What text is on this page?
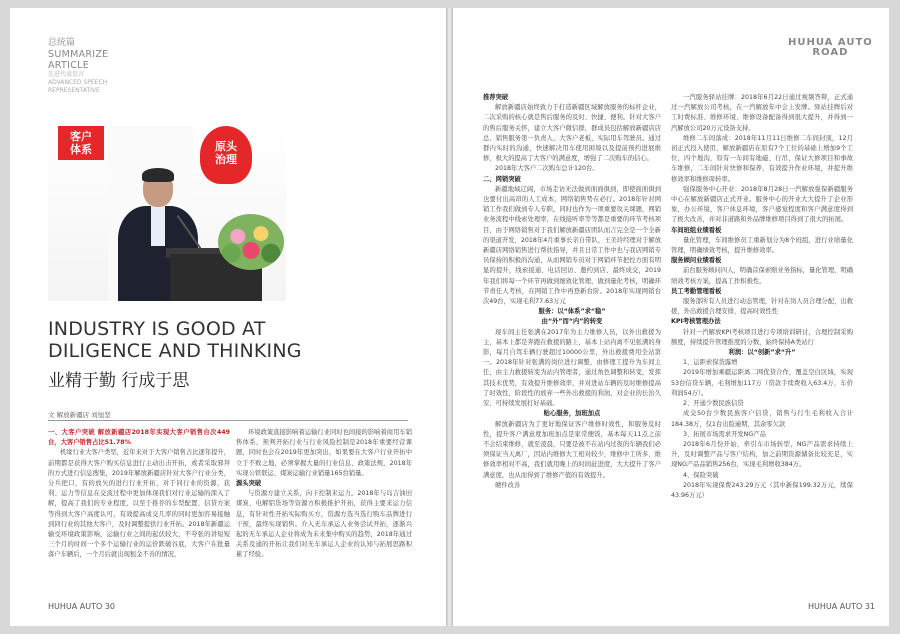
总统篇
SUMMARIZE
ARTICLE
先进代表发言
ADVANCED SPEECH
REPRESENTATIVE
客户
体系	原头
治理
INDUSTRY IS GOOD AT
DILIGENCE AND THINKING
业精于勤 行成于思
文 解放新疆店 刘旭坚

一、大客户突破 解放新疆店2018年实现大客户销售台次449台，大客户销售占比51.78%

机缘行业大客户类型，近年来对于大客户销售占比逐年提升，前期都是获得大客户购买信息进行主动出击开拓，或者采取邪拜的方式进行信息搜集，2019年解放新疆店针对大客户行业分类，分兵把口，有的放矢的进行行业开拓，对于同行业的资源、获利、运力等信息在交流过程中更加体现我们对行业运输的深入了解，提高了我们的专业程度，以至于推荐的车型配置、信贷方案等得到大客户高度认可，有效提高成交几率的同时更加容易接触到同行业的其他大客户，及时调整提供行业开拓。2018年新疆运输受环境政策影响，运输行业之间的起伏较大，不夸张的讲短短三个月的时间一个多个运输行业的运价跌破谷底，大客户在批量落户车辆后，一个月后就出现租金不善的情况，

环境政策直接影响着运输行业同时也间接的影响着商用车销售体系，预判开拓行业与行业风险控制是2018年重要经营课题，同时也会在2019年更加突出，如果要在大客户行业开拓中立于不败之地，必须掌握大量的行业信息、政策法规，2018年实现公铁联运、煤炭运输行业销量165台销量。

源头突破

与资源方建立关系，向下控制来运力。2018年与岛吉油田煤炭、电解铝货场等资源方积极推护开拓，获得主要来运力信息，有针对性开拓实际购买方，资源方选当选行购车品牌进行干预，最终实现销售。介入无车承运人业务尝试开拓，逐渐兴起的无车承运人企业将成为未来集中购买的趋势，2018年通过关系及通的开拓让我们对无车承运人企业的认知与拓展思路积累了经验。

HUHUA AUTO 30
HUHUA AUTO
ROAD

推荐突破

解放新疆店始终致力于打造新疆区域解放服务的标杆企业，二次采购的核心就是售后服务的及时、快捷、便利。针对大客户的售后服务关怀，建立大客户微信群，群成员包括解放新疆店店总、销售服务第一负责人、大客户老板、实际用车驾驶员。通过群内实时的沟通，快速解决用车使用困境以及提前预约进展维修，极大的提高了大客户的满意度，增强了二次购车的信心。

2018年大客户二次购车总计120台。

二、网销突破

新疆地域辽阔，市场走访无法做到面面俱到，即使面面俱到也要付出高昂的人工成本，网络销售势在必行。2018年针对网销工作我们做到专人专职，同时也作为一项重要攻关课题，网销业务流程中线索处理率，在线接听率等等都是重要的环节考核项目，由于网络销售对于我们解放新疆店团队而言完全是一个全新的渠道开发，2018年4月重事长亲自带队，王美玲经理对于解放新疆店网络销售进行帮扶指导，并且日常工作中也与我店网销专员保持的积极的沟通，从而网销专员对于网销环节把控方面有明显的提升，线索接通、电话回访、邀约到店、最终成交，2019年我们将每一个环节再做到细致化管理，做到量化考核，明确环节责任人考核，在网销工作中再登新台阶。2018年实现网销台次49台，实现毛利77.63万元

服务：以“体系”求“稳”

由“外”而“内”的转变

现车间主任张满在2017年为主力维修人员，以外出救援为主，基本上都是奔跑在救援的路上，基本上站内离不见张满的身影，每月自驾车辆行驶超过10000公里，外出救援费用全站第一。2018年针对张满的岗位进行调整，由修理工提升为车间主任，由主力救援转变为站内管理者，通过角色调整和转变，发挥其技术优势，有效提升维修效率，并对进站车辆的及时维修提高了时效性，阶段性的放弃一些外出救援的利润，对企业的长治久安、可持续发展打好基础。

贴心服务，加班加点

解放新疆店为了更好地保证客户维修时效性，和服务及时性，提升客户满意度加班加点是家常便饭，基本每天11点之前不会结束维修，就至凌晨，只要是被不在站内过夜的车辆我们必须保证当天离厂，因站内维修大工相对较少，维修中工所多，维修效率相对不高，我们就用晚上的时间赶进度，大大提升了客户满意度，也从而得到了维修产值的有效提升。

硬件改善

一汽服务驿站挂牌：2018年6月22日通过视频答辩，正式通过一汽解放公司考核，在一汽解放年中会上发牌。驿站挂牌后对工时费标准、维修环境、维修设备配备得到很大提升，并得到一汽解放公司20万元设备支持。

维修二车间落成：2018年11月11日维修二车间封顶，12月初正式投入使用，解放新疆店在原有7个工位的基础上增加9个工位，四个地沟，原有一车间有地磁、行吊，保证大修项目和事故车维修，二车间针对快修和保养，有效提升作业环境，并提升维修效率和维修周转率。

强保服务中心开业：2018年8月28日一汽解放强保新疆服务中心在解放新疆店正式开业。服务中心的开业大大提升了企业形象，办公环境、客户休息环境，客户感觉程度和客户满意度得到了极大改善，并对非道路和外品牌维修项目得到了很大的拓展。

车间班组业绩看板

量化管理，车间维修员工重新划分为8个班组，进行业绩量化管理，明确绩效考核，提升维修效率。

服务顾问业绩看板

前台服务顾问四人，明确首保索赔业务指标，量化管理，明确绩效考核方案，提高工作积极性。

员工考勤管理看板

服务部所有人员进行动态管理，针对在岗人员合理分配，出救援，外出救援合理安排，提高时效性性

KPI考核管理办法

针对一汽解放KPI考核项目进行专项培训研讨，合理控制采购额度，持续提升管理推度的分数，始终保持A类站行

利润：以“创新”求“升”

1、运距索保货露增

2019年增加乘疆运距离二网优贷合作，覆盖空白区域，实现53台信贷车辆，毛利增加117万（贷款手续费收入63.4万，车价利润54万）。

2、开通少数民族信贷

成交50台少数民族客户信贷，销售与行生毛利收入合计184.38万，仅1台出险逾期，其余零欠款

3、拓展市场需求开发NG产品

2018年6月份开始，牵引车市场转型，NG产品需求持续上升，及时调整产品与客户结构，加之前期资源储备比较充足，实现NG产品品销售256台，实现毛利增收384万。

4、保险突破

2018年实现保费243.29万元（其中新保199.32万元，续保43.96万元）

HUHUA AUTO 31
